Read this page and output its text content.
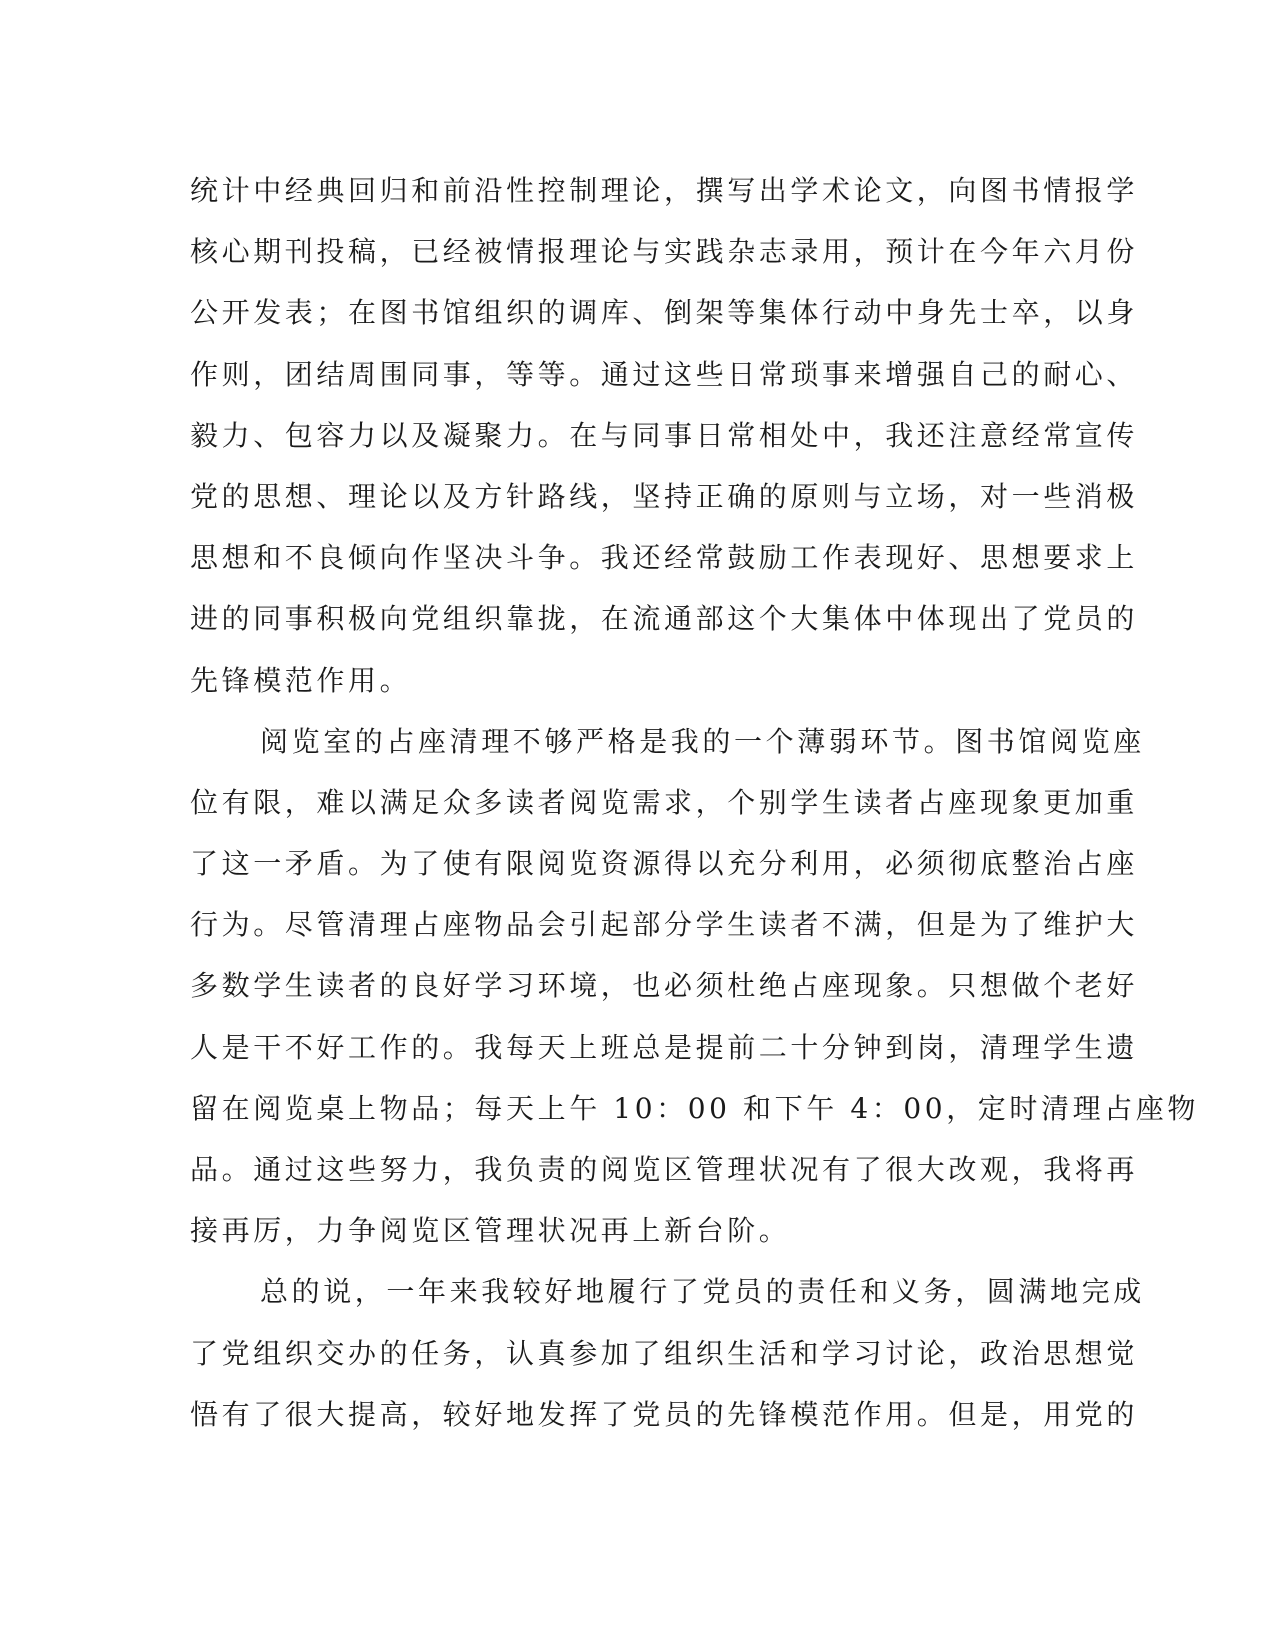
统计中经典回归和前沿性控制理论，撰写出学术论文，向图书情报学
核心期刊投稿，已经被情报理论与实践杂志录用，预计在今年六月份
公开发表；在图书馆组织的调库、倒架等集体行动中身先士卒，以身
作则，团结周围同事，等等。通过这些日常琐事来增强自己的耐心、
毅力、包容力以及凝聚力。在与同事日常相处中，我还注意经常宣传
党的思想、理论以及方针路线，坚持正确的原则与立场，对一些消极
思想和不良倾向作坚决斗争。我还经常鼓励工作表现好、思想要求上
进的同事积极向党组织靠拢，在流通部这个大集体中体现出了党员的
先锋模范作用。
阅览室的占座清理不够严格是我的一个薄弱环节。图书馆阅览座
位有限，难以满足众多读者阅览需求，个别学生读者占座现象更加重
了这一矛盾。为了使有限阅览资源得以充分利用，必须彻底整治占座
行为。尽管清理占座物品会引起部分学生读者不满，但是为了维护大
多数学生读者的良好学习环境，也必须杜绝占座现象。只想做个老好
人是干不好工作的。我每天上班总是提前二十分钟到岗，清理学生遗
留在阅览桌上物品；每天上午 10：00 和下午 4：00，定时清理占座物
品。通过这些努力，我负责的阅览区管理状况有了很大改观，我将再
接再厉，力争阅览区管理状况再上新台阶。
总的说，一年来我较好地履行了党员的责任和义务，圆满地完成
了党组织交办的任务，认真参加了组织生活和学习讨论，政治思想觉
悟有了很大提高，较好地发挥了党员的先锋模范作用。但是，用党的
